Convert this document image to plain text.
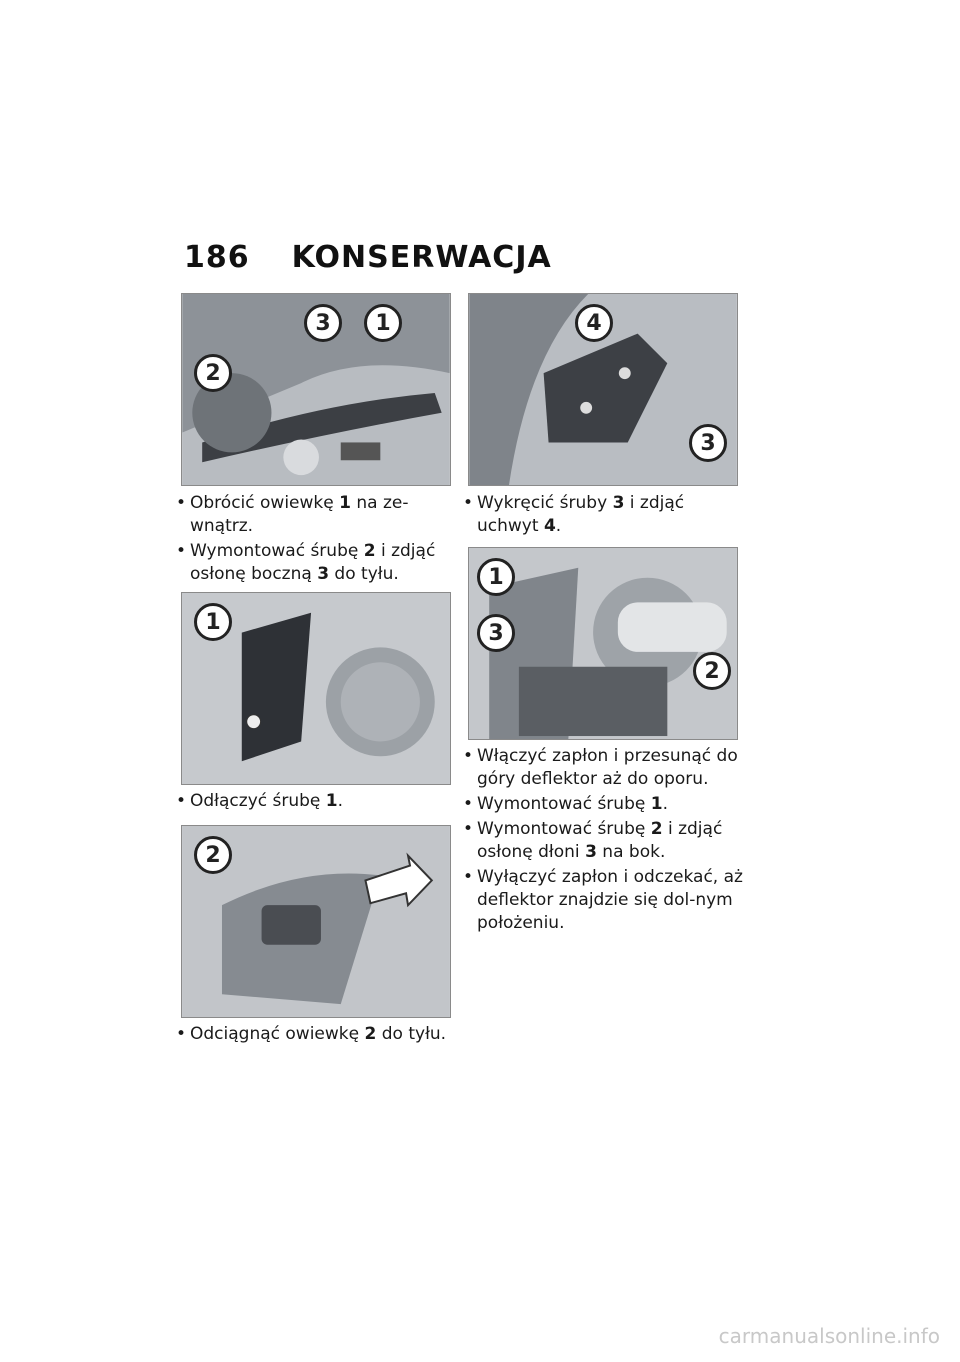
186 KONSERWACJA
3	1
2
• Obrócić owiewkę 1 na ze-wnątrz.
• Wymontować śrubę 2 i zdjąć osłonę boczną 3 do tyłu.
1
• Odłączyć śrubę 1.
2
• Odciągnąć owiewkę 2 do tyłu.
4
3
• Wykręcić śruby 3 i zdjąć uchwyt 4.
1
3
2
• Włączyć zapłon i przesunąć do góry deflektor aż do oporu.
• Wymontować śrubę 1.
• Wymontować śrubę 2 i zdjąć osłonę dłoni 3 na bok.
• Wyłączyć zapłon i odczekać, aż deflektor znajdzie się dol-nym położeniu.
carmanualsonline.info
